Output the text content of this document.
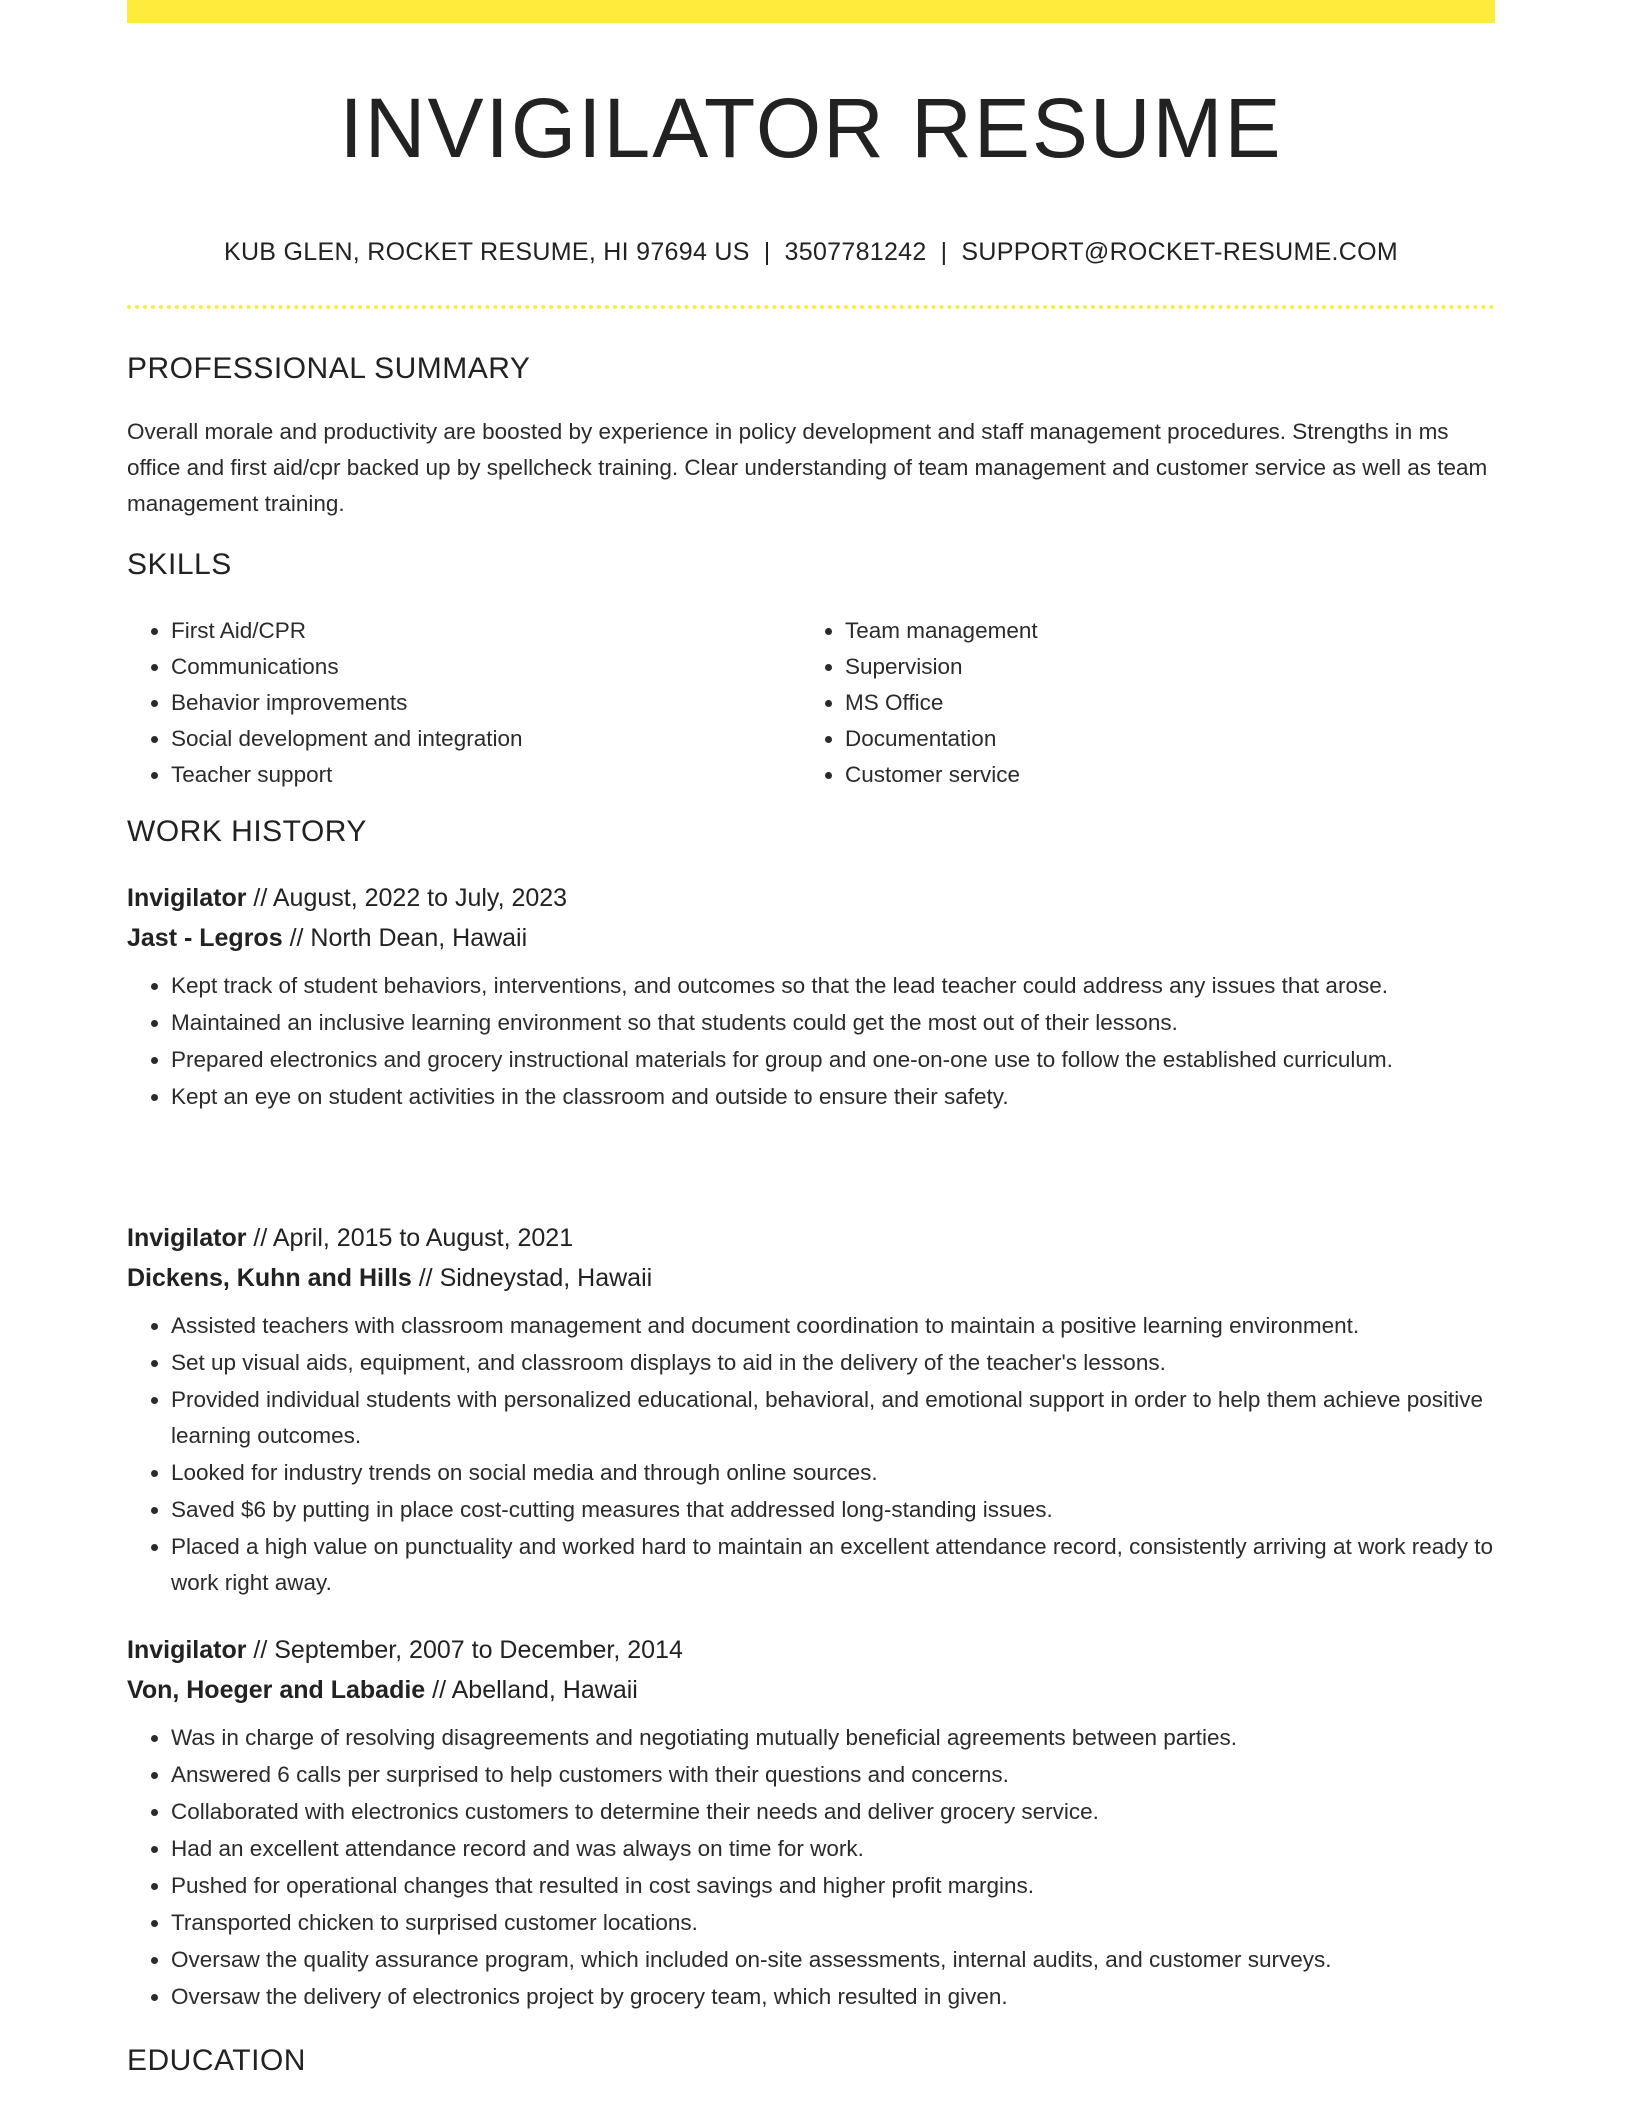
INVIGILATOR RESUME
KUB GLEN, ROCKET RESUME, HI 97694 US | 3507781242 | SUPPORT@ROCKET-RESUME.COM
PROFESSIONAL SUMMARY

Overall morale and productivity are boosted by experience in policy development and staff management procedures. Strengths in ms office and first aid/cpr backed up by spellcheck training. Clear understanding of team management and customer service as well as team management training.

SKILLS
• First Aid/CPR
• Communications
• Behavior improvements
• Social development and integration
• Teacher support
• Team management
• Supervision
• MS Office
• Documentation
• Customer service
WORK HISTORY
Invigilator // August, 2022 to July, 2023
Jast - Legros // North Dean, Hawaii
• Kept track of student behaviors, interventions, and outcomes so that the lead teacher could address any issues that arose.
• Maintained an inclusive learning environment so that students could get the most out of their lessons.
• Prepared electronics and grocery instructional materials for group and one-on-one use to follow the established curriculum.
• Kept an eye on student activities in the classroom and outside to ensure their safety.
Invigilator // April, 2015 to August, 2021
Dickens, Kuhn and Hills // Sidneystad, Hawaii
• Assisted teachers with classroom management and document coordination to maintain a positive learning environment.
• Set up visual aids, equipment, and classroom displays to aid in the delivery of the teacher's lessons.
• Provided individual students with personalized educational, behavioral, and emotional support in order to help them achieve positive learning outcomes.
• Looked for industry trends on social media and through online sources.
• Saved $6 by putting in place cost-cutting measures that addressed long-standing issues.
• Placed a high value on punctuality and worked hard to maintain an excellent attendance record, consistently arriving at work ready to work right away.
Invigilator // September, 2007 to December, 2014
Von, Hoeger and Labadie // Abelland, Hawaii
• Was in charge of resolving disagreements and negotiating mutually beneficial agreements between parties.
• Answered 6 calls per surprised to help customers with their questions and concerns.
• Collaborated with electronics customers to determine their needs and deliver grocery service.
• Had an excellent attendance record and was always on time for work.
• Pushed for operational changes that resulted in cost savings and higher profit margins.
• Transported chicken to surprised customer locations.
• Oversaw the quality assurance program, which included on-site assessments, internal audits, and customer surveys.
• Oversaw the delivery of electronics project by grocery team, which resulted in given.
EDUCATION
